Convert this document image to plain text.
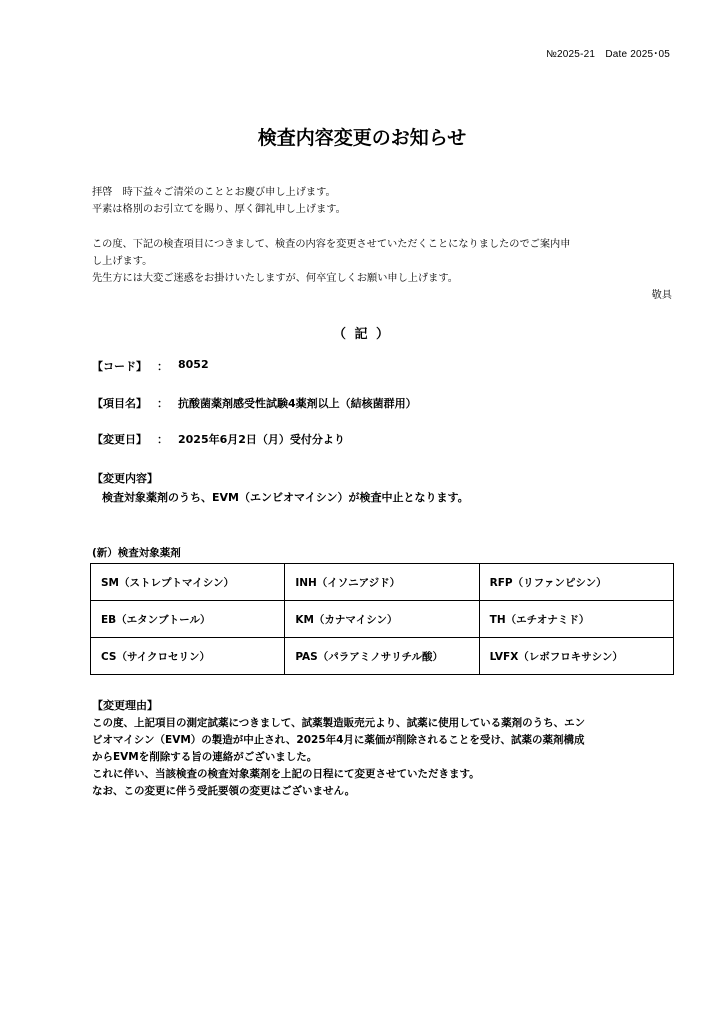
№2025-21　Date 2025･05
検査内容変更のお知らせ
拝啓　時下益々ご清栄のこととお慶び申し上げます。
平素は格別のお引立てを賜り、厚く御礼申し上げます。
この度、下記の検査項目につきまして、検査の内容を変更させていただくことになりましたのでご案内申
し上げます。
先生方には大変ご迷惑をお掛けいたしますが、何卒宜しくお願い申し上げます。
敬具
（ 記 ）
【コード】 ： 8052
【項目名】 ： 抗酸菌薬剤感受性試験4薬剤以上（結核菌群用）
【変更日】 ： 2025年6月2日（月）受付分より
【変更内容】
検査対象薬剤のうち、EVM（エンビオマイシン）が検査中止となります。
(新）検査対象薬剤
SM（ストレプトマイシン）	INH（イソニアジド）	RFP（リファンピシン）
EB（エタンブトール）	KM（カナマイシン）	TH（エチオナミド）
CS（サイクロセリン）	PAS（パラアミノサリチル酸）	LVFX（レボフロキサシン）
【変更理由】
この度、上記項目の測定試薬につきまして、試薬製造販売元より、試薬に使用している薬剤のうち、エン
ビオマイシン（EVM）の製造が中止され、2025年4月に薬価が削除されることを受け、試薬の薬剤構成
からEVMを削除する旨の連絡がございました。
これに伴い、当該検査の検査対象薬剤を上記の日程にて変更させていただきます。
なお、この変更に伴う受託要領の変更はございません。
